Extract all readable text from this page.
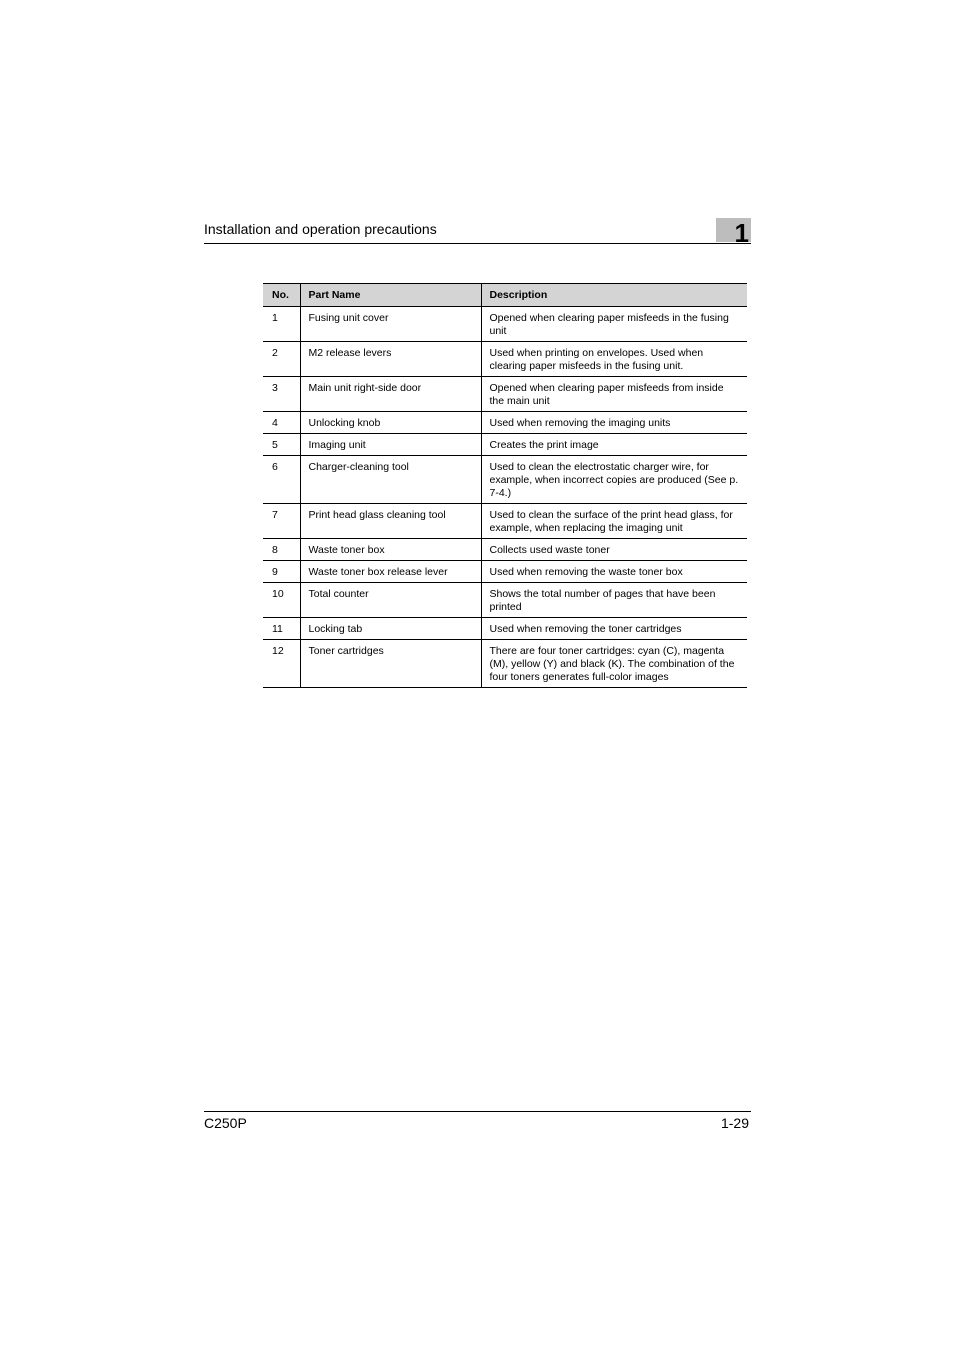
Installation and operation precautions	1
No.	Part Name	Description
1	Fusing unit cover	Opened when clearing paper misfeeds in the fusing unit
2	M2 release levers	Used when printing on envelopes. Used when clearing paper misfeeds in the fusing unit.
3	Main unit right-side door	Opened when clearing paper misfeeds from inside the main unit
4	Unlocking knob	Used when removing the imaging units
5	Imaging unit	Creates the print image
6	Charger-cleaning tool	Used to clean the electrostatic charger wire, for example, when incorrect copies are produced (See p. 7-4.)
7	Print head glass cleaning tool	Used to clean the surface of the print head glass, for example, when replacing the imaging unit
8	Waste toner box	Collects used waste toner
9	Waste toner box release lever	Used when removing the waste toner box
10	Total counter	Shows the total number of pages that have been printed
11	Locking tab	Used when removing the toner cartridges
12	Toner cartridges	There are four toner cartridges: cyan (C), magenta (M), yellow (Y) and black (K). The combination of the four toners generates full-color images
C250P	1-29
